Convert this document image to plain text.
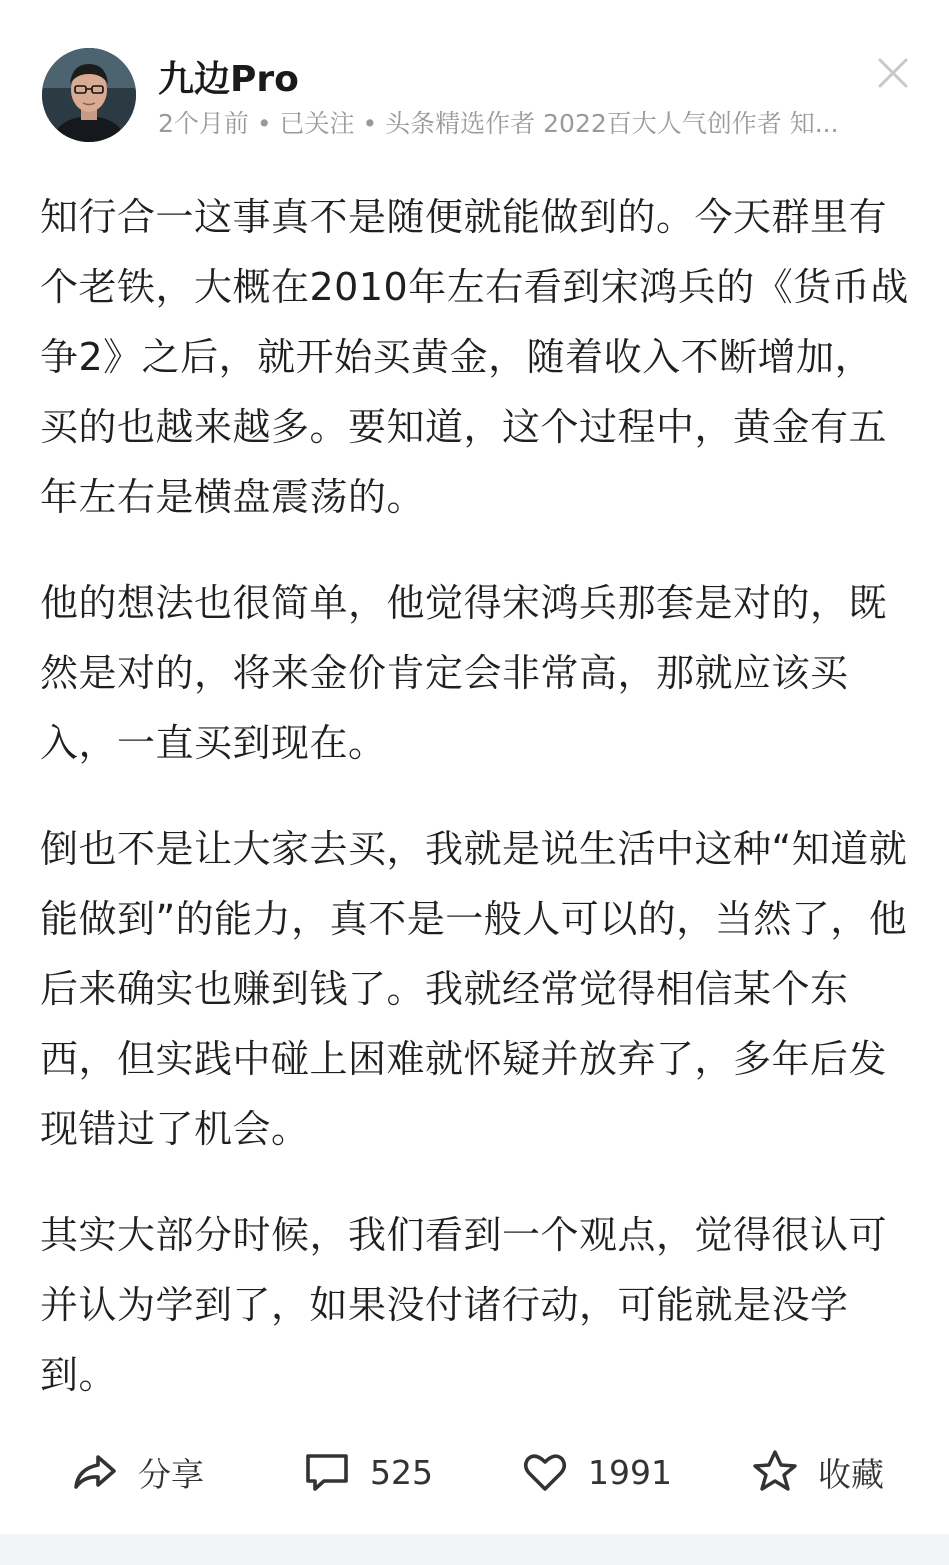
九边Pro
2个月前 • 已关注 • 头条精选作者 2022百大人气创作者 知...

知行合一这事真不是随便就能做到的。今天群里有个老铁，大概在2010年左右看到宋鸿兵的《货币战争2》之后，就开始买黄金，随着收入不断增加，买的也越来越多。要知道，这个过程中，黄金有五年左右是横盘震荡的。

他的想法也很简单，他觉得宋鸿兵那套是对的，既然是对的，将来金价肯定会非常高，那就应该买入，一直买到现在。

倒也不是让大家去买，我就是说生活中这种“知道就能做到”的能力，真不是一般人可以的，当然了，他后来确实也赚到钱了。我就经常觉得相信某个东西，但实践中碰上困难就怀疑并放弃了，多年后发现错过了机会。

其实大部分时候，我们看到一个观点，觉得很认可并认为学到了，如果没付诸行动，可能就是没学到。

分享	525	1991	收藏
